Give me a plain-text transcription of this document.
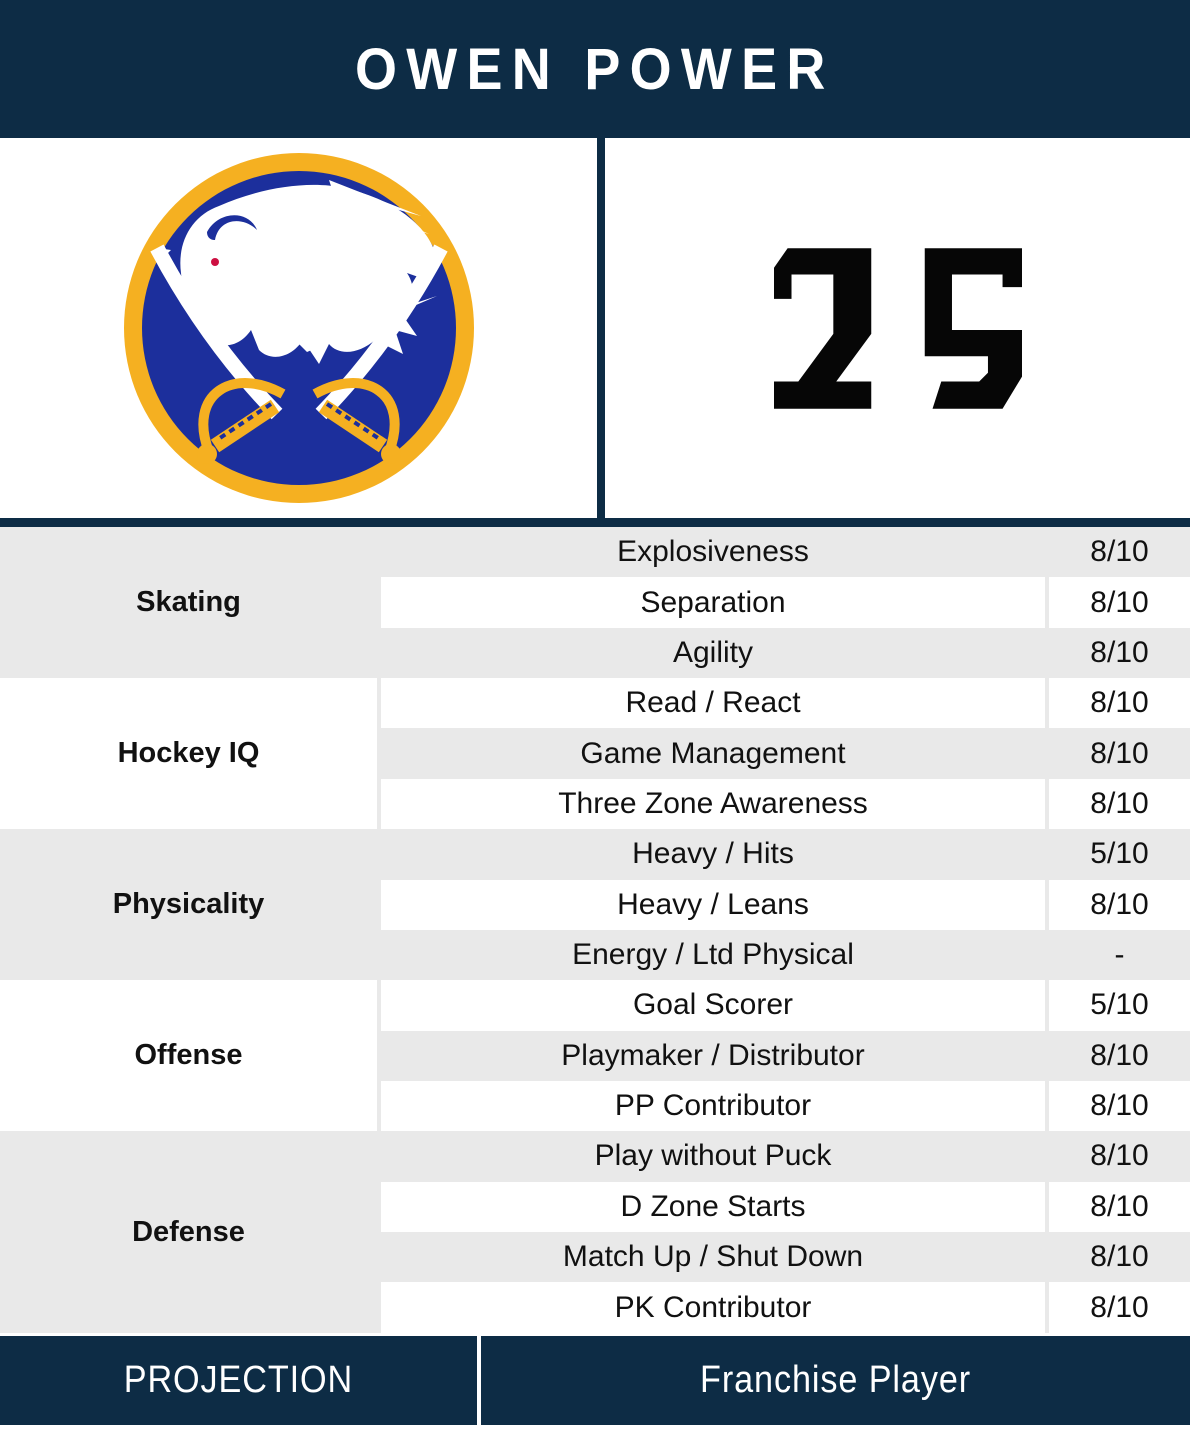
OWEN POWER
Skating
Explosiveness	8/10
Separation	8/10
Agility	8/10
Hockey IQ
Read / React	8/10
Game Management	8/10
Three Zone Awareness	8/10
Physicality
Heavy / Hits	5/10
Heavy / Leans	8/10
Energy / Ltd Physical	-
Offense
Goal Scorer	5/10
Playmaker / Distributor	8/10
PP Contributor	8/10
Defense
Play without Puck	8/10
D Zone Starts	8/10
Match Up / Shut Down	8/10
PK Contributor	8/10
PROJECTION	Franchise Player
